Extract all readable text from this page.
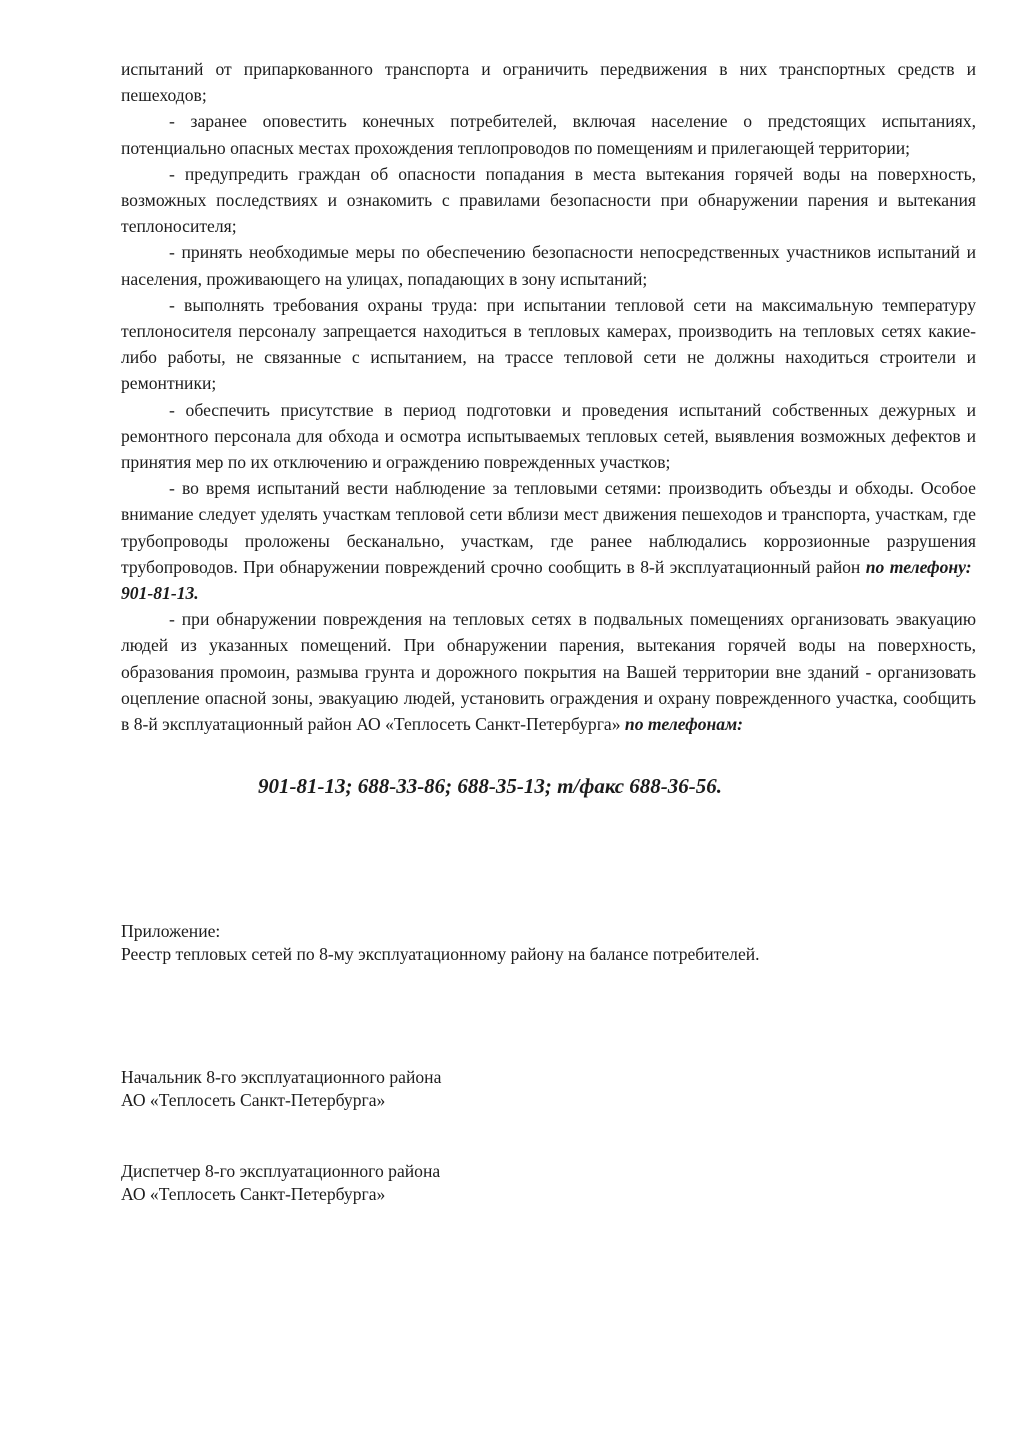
испытаний от припаркованного транспорта и ограничить передвижения в них транспортных средств и пешеходов;

- заранее оповестить конечных потребителей, включая население о предстоящих испытаниях, потенциально опасных местах прохождения теплопроводов по помещениям и прилегающей территории;

- предупредить граждан об опасности попадания в места вытекания горячей воды на поверхность, возможных последствиях и ознакомить с правилами безопасности при обнаружении парения и вытекания теплоносителя;

- принять необходимые меры по обеспечению безопасности непосредственных участников испытаний и населения, проживающего на улицах, попадающих в зону испытаний;

- выполнять требования охраны труда: при испытании тепловой сети на максимальную температуру теплоносителя персоналу запрещается находиться в тепловых камерах, производить на тепловых сетях какие-либо работы, не связанные с испытанием, на трассе тепловой сети не должны находиться строители и ремонтники;

- обеспечить присутствие в период подготовки и проведения испытаний собственных дежурных и ремонтного персонала для обхода и осмотра испытываемых тепловых сетей, выявления возможных дефектов и принятия мер по их отключению и ограждению поврежденных участков;

- во время испытаний вести наблюдение за тепловыми сетями: производить объезды и обходы. Особое внимание следует уделять участкам тепловой сети вблизи мест движения пешеходов и транспорта, участкам, где трубопроводы проложены бесканально, участкам, где ранее наблюдались коррозионные разрушения трубопроводов. При обнаружении повреждений срочно сообщить в 8-й эксплуатационный район по телефону:  901-81-13.

- при обнаружении повреждения на тепловых сетях в подвальных помещениях организовать эвакуацию людей из указанных помещений. При обнаружении парения, вытекания горячей воды на поверхность, образования промоин, размыва грунта и дорожного покрытия на Вашей территории вне зданий - организовать оцепление опасной зоны, эвакуацию людей, установить ограждения и охрану поврежденного участка, сообщить в 8-й эксплуатационный район АО «Теплосеть Санкт-Петербурга» по телефонам:

901-81-13; 688-33-86; 688-35-13; т/факс 688-36-56.
Приложение:
Реестр тепловых сетей по 8-му эксплуатационному району на балансе потребителей.
Начальник 8-го эксплуатационного района
АО «Теплосеть Санкт-Петербурга»
Диспетчер 8-го эксплуатационного района
АО «Теплосеть Санкт-Петербурга»
